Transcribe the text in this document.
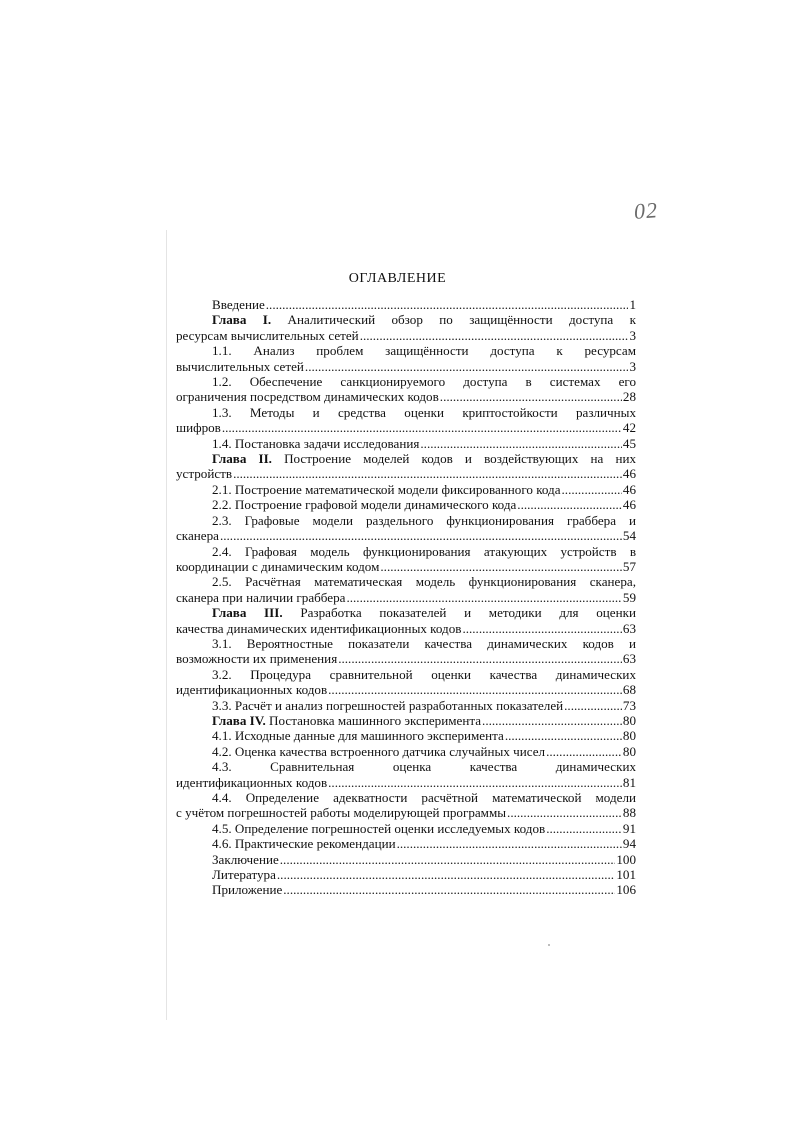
02
ОГЛАВЛЕНИЕ
Введение .....	1
Глава I. Аналитический обзор по защищённости доступа к
ресурсам вычислительных сетей .....	3
1.1. Анализ проблем защищённости доступа к ресурсам
вычислительных сетей .....	3
1.2. Обеспечение санкционируемого доступа в системах его
ограничения посредством динамических кодов .....	28
1.3. Методы и средства оценки криптостойкости различных
шифров .....	42
1.4. Постановка задачи исследования .....	45
Глава II. Построение моделей кодов и воздействующих на них
устройств .....	46
2.1. Построение математической модели фиксированного кода .....	46
2.2. Построение графовой модели динамического кода .....	46
2.3. Графовые модели раздельного функционирования граббера и
сканера .....	54
2.4. Графовая модель функционирования атакующих устройств в
координации с динамическим кодом .....	57
2.5. Расчётная математическая модель функционирования сканера,
сканера при наличии граббера .....	59
Глава III. Разработка показателей и методики для оценки
качества динамических идентификационных кодов .....	63
3.1. Вероятностные показатели качества динамических кодов и
возможности их применения .....	63
3.2. Процедура сравнительной оценки качества динамических
идентификационных кодов .....	68
3.3. Расчёт и анализ погрешностей разработанных показателей .....	73
Глава IV. Постановка машинного эксперимента .....	80
4.1. Исходные данные для машинного эксперимента .....	80
4.2. Оценка качества встроенного датчика случайных чисел .....	80
4.3. Сравнительная оценка качества динамических
идентификационных кодов .....	81
4.4. Определение адекватности расчётной математической модели
с учётом погрешностей работы моделирующей программы .....	88
4.5. Определение погрешностей оценки исследуемых кодов .....	91
4.6. Практические рекомендации .....	94
Заключение .....	100
Литература .....	101
Приложение .....	106
